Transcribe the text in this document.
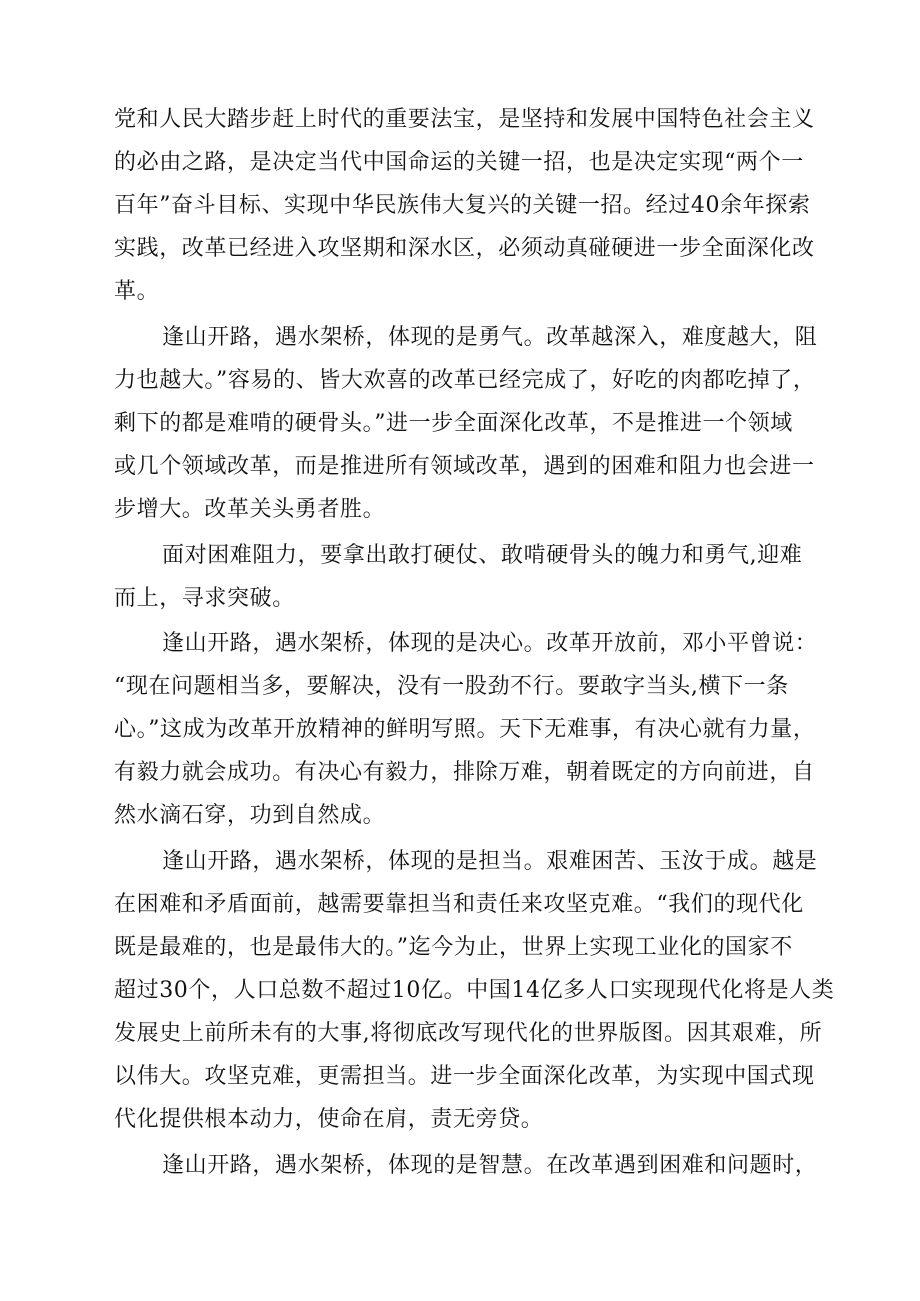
党和人民大踏步赶上时代的重要法宝，是坚持和发展中国特色社会主义
的必由之路，是决定当代中国命运的关键一招，也是决定实现“两个一
百年”奋斗目标、实现中华民族伟大复兴的关键一招。经过40余年探索
实践，改革已经进入攻坚期和深水区，必须动真碰硬进一步全面深化改
革。
逢山开路，遇水架桥，体现的是勇气。改革越深入，难度越大，阻
力也越大。”容易的、皆大欢喜的改革已经完成了，好吃的肉都吃掉了，
剩下的都是难啃的硬骨头。”进一步全面深化改革，不是推进一个领域
或几个领域改革，而是推进所有领域改革，遇到的困难和阻力也会进一
步增大。改革关头勇者胜。
面对困难阻力，要拿出敢打硬仗、敢啃硬骨头的魄力和勇气,迎难
而上，寻求突破。
逢山开路，遇水架桥，体现的是决心。改革开放前，邓小平曾说：
“现在问题相当多，要解决，没有一股劲不行。要敢字当头,横下一条
心。”这成为改革开放精神的鲜明写照。天下无难事，有决心就有力量，
有毅力就会成功。有决心有毅力，排除万难，朝着既定的方向前进，自
然水滴石穿，功到自然成。
逢山开路，遇水架桥，体现的是担当。艰难困苦、玉汝于成。越是
在困难和矛盾面前，越需要靠担当和责任来攻坚克难。“我们的现代化
既是最难的，也是最伟大的。”迄今为止，世界上实现工业化的国家不
超过30个，人口总数不超过10亿。中国14亿多人口实现现代化将是人类
发展史上前所未有的大事,将彻底改写现代化的世界版图。因其艰难，所
以伟大。攻坚克难，更需担当。进一步全面深化改革，为实现中国式现
代化提供根本动力，使命在肩，责无旁贷。
逢山开路，遇水架桥，体现的是智慧。在改革遇到困难和问题时，
